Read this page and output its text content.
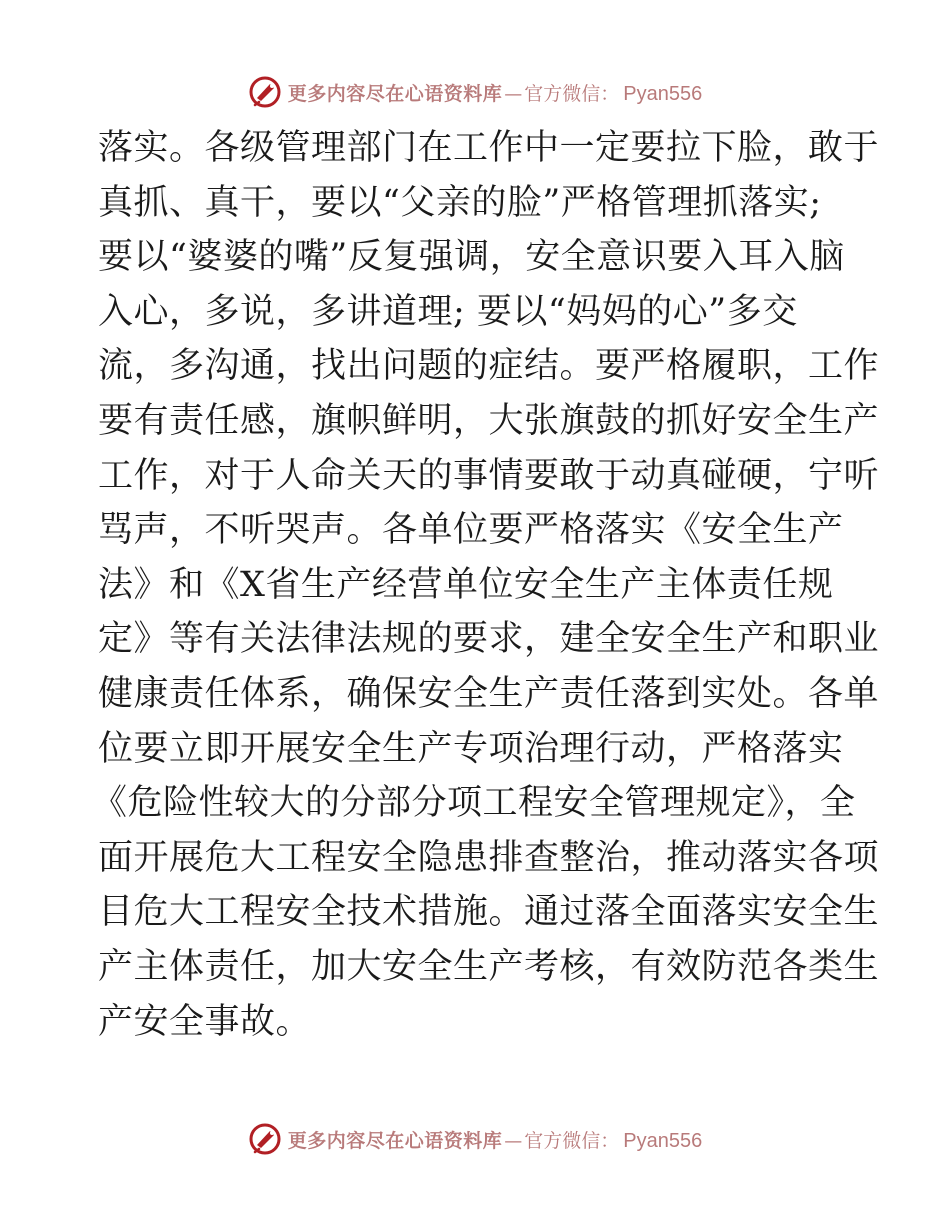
更多内容尽在心语资料库 — 官方微信： Pyan556
落实。各级管理部门在工作中一定要拉下脸，敢于
真抓、真干，要以“父亲的脸”严格管理抓落实;
要以“婆婆的嘴”反复强调，安全意识要入耳入脑
入心，多说，多讲道理; 要以“妈妈的心”多交
流，多沟通，找出问题的症结。要严格履职，工作
要有责任感，旗帜鲜明，大张旗鼓的抓好安全生产
工作，对于人命关天的事情要敢于动真碰硬，宁听
骂声，不听哭声。各单位要严格落实《安全生产
法》和《X省生产经营单位安全生产主体责任规
定》等有关法律法规的要求，建全安全生产和职业
健康责任体系，确保安全生产责任落到实处。各单
位要立即开展安全生产专项治理行动，严格落实
《危险性较大的分部分项工程安全管理规定》，全
面开展危大工程安全隐患排查整治，推动落实各项
目危大工程安全技术措施。通过落全面落实安全生
产主体责任，加大安全生产考核，有效防范各类生
产安全事故。
更多内容尽在心语资料库 — 官方微信： Pyan556
